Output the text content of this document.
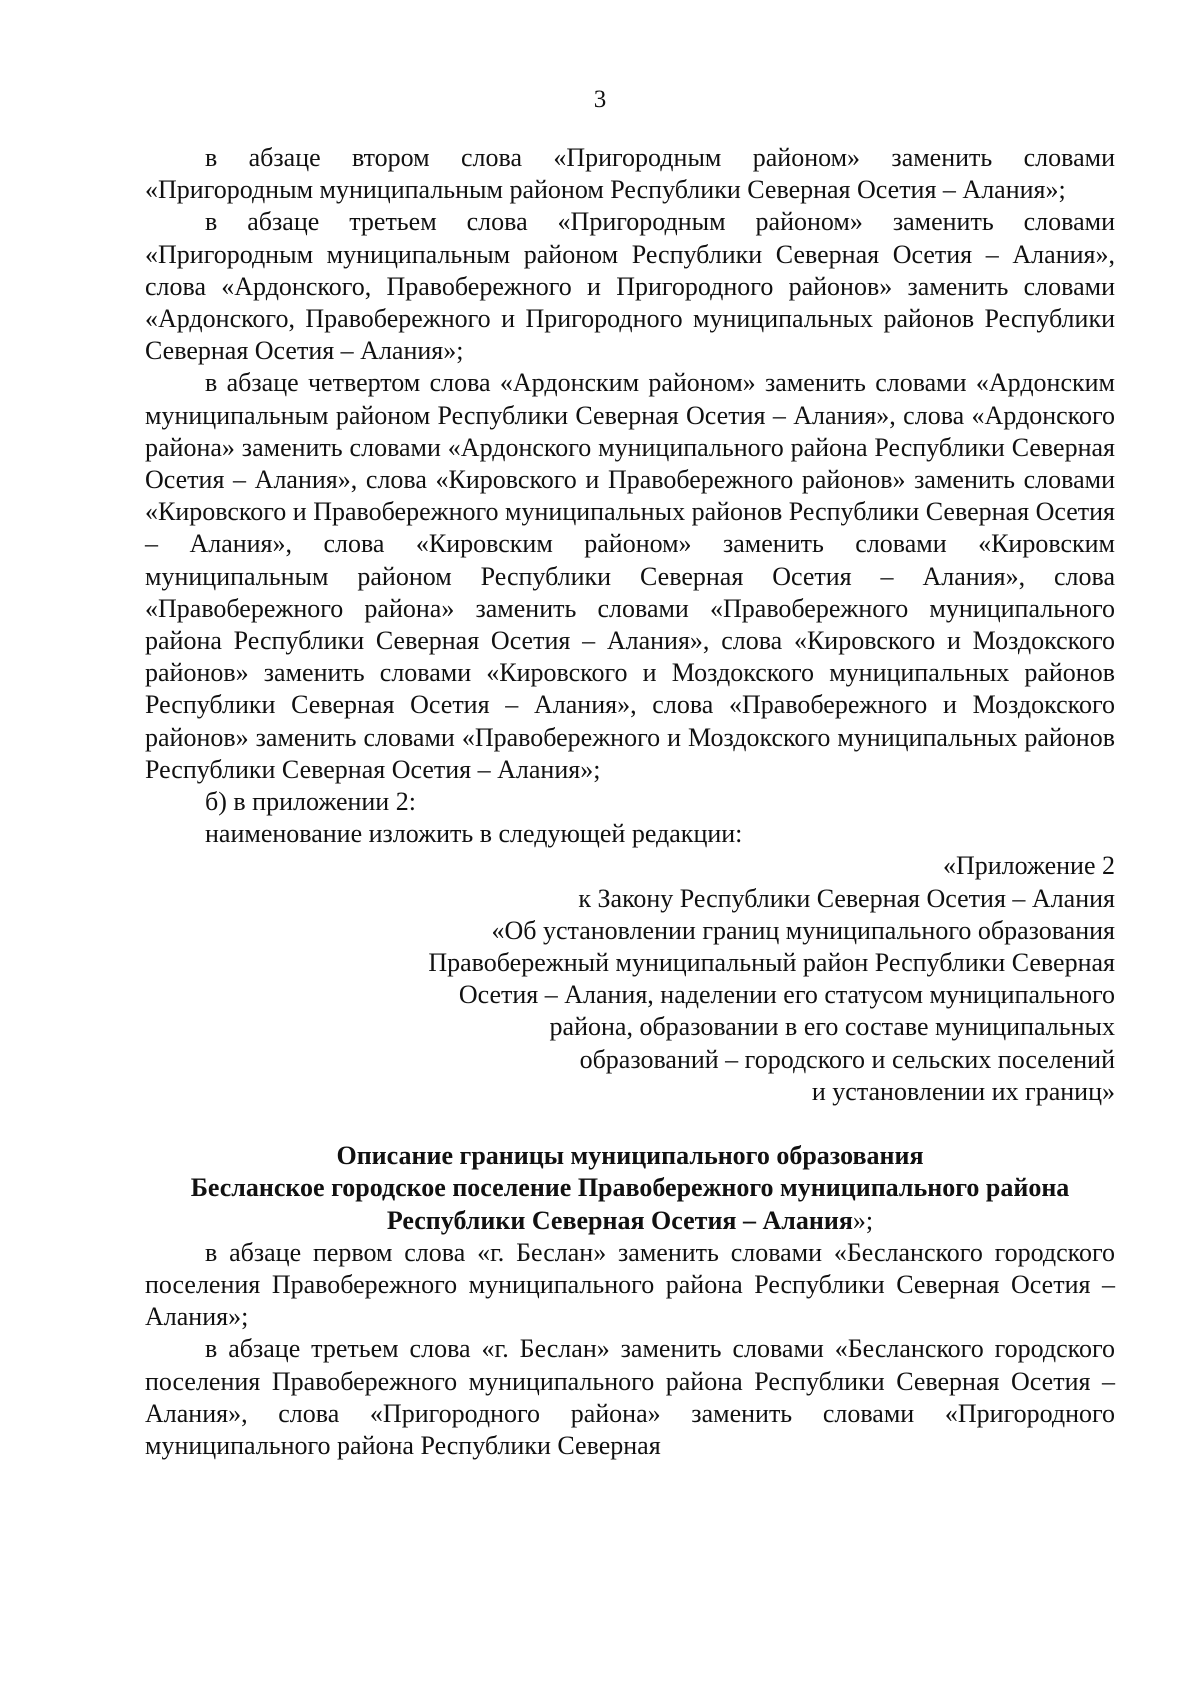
3

в абзаце втором слова «Пригородным районом» заменить словами «Пригородным муниципальным районом Республики Северная Осетия – Алания»;

в абзаце третьем слова «Пригородным районом» заменить словами «Пригородным муниципальным районом Республики Северная Осетия – Алания», слова «Ардонского, Правобережного и Пригородного районов» заменить словами «Ардонского, Правобережного и Пригородного муниципальных районов Республики Северная Осетия – Алания»;

в абзаце четвертом слова «Ардонским районом» заменить словами «Ардонским муниципальным районом Республики Северная Осетия – Алания», слова «Ардонского района» заменить словами «Ардонского муниципального района Республики Северная Осетия – Алания», слова «Кировского и Правобережного районов» заменить словами «Кировского и Правобережного муниципальных районов Республики Северная Осетия – Алания», слова «Кировским районом» заменить словами «Кировским муниципальным районом Республики Северная Осетия – Алания», слова «Правобережного района» заменить словами «Правобережного муниципального района Республики Северная Осетия – Алания», слова «Кировского и Моздокского районов» заменить словами «Кировского и Моздокского муниципальных районов Республики Северная Осетия – Алания», слова «Правобережного и Моздокского районов» заменить словами «Правобережного и Моздокского муниципальных районов Республики Северная Осетия – Алания»;

б) в приложении 2:

наименование изложить в следующей редакции:

«Приложение 2
к Закону Республики Северная Осетия – Алания
«Об установлении границ муниципального образования
Правобережный муниципальный район Республики Северная
Осетия – Алания, наделении его статусом муниципального
района, образовании в его составе муниципальных
образований – городского и сельских поселений
и установлении их границ»
Описание границы муниципального образования
Бесланское городское поселение Правобережного муниципального района
Республики Северная Осетия – Алания»;

в абзаце первом слова «г. Беслан» заменить словами «Бесланского городского поселения Правобережного муниципального района Республики Северная Осетия – Алания»;

в абзаце третьем слова «г. Беслан» заменить словами «Бесланского городского поселения Правобережного муниципального района Республики Северная Осетия – Алания», слова «Пригородного района» заменить словами «Пригородного муниципального района Республики Северная
